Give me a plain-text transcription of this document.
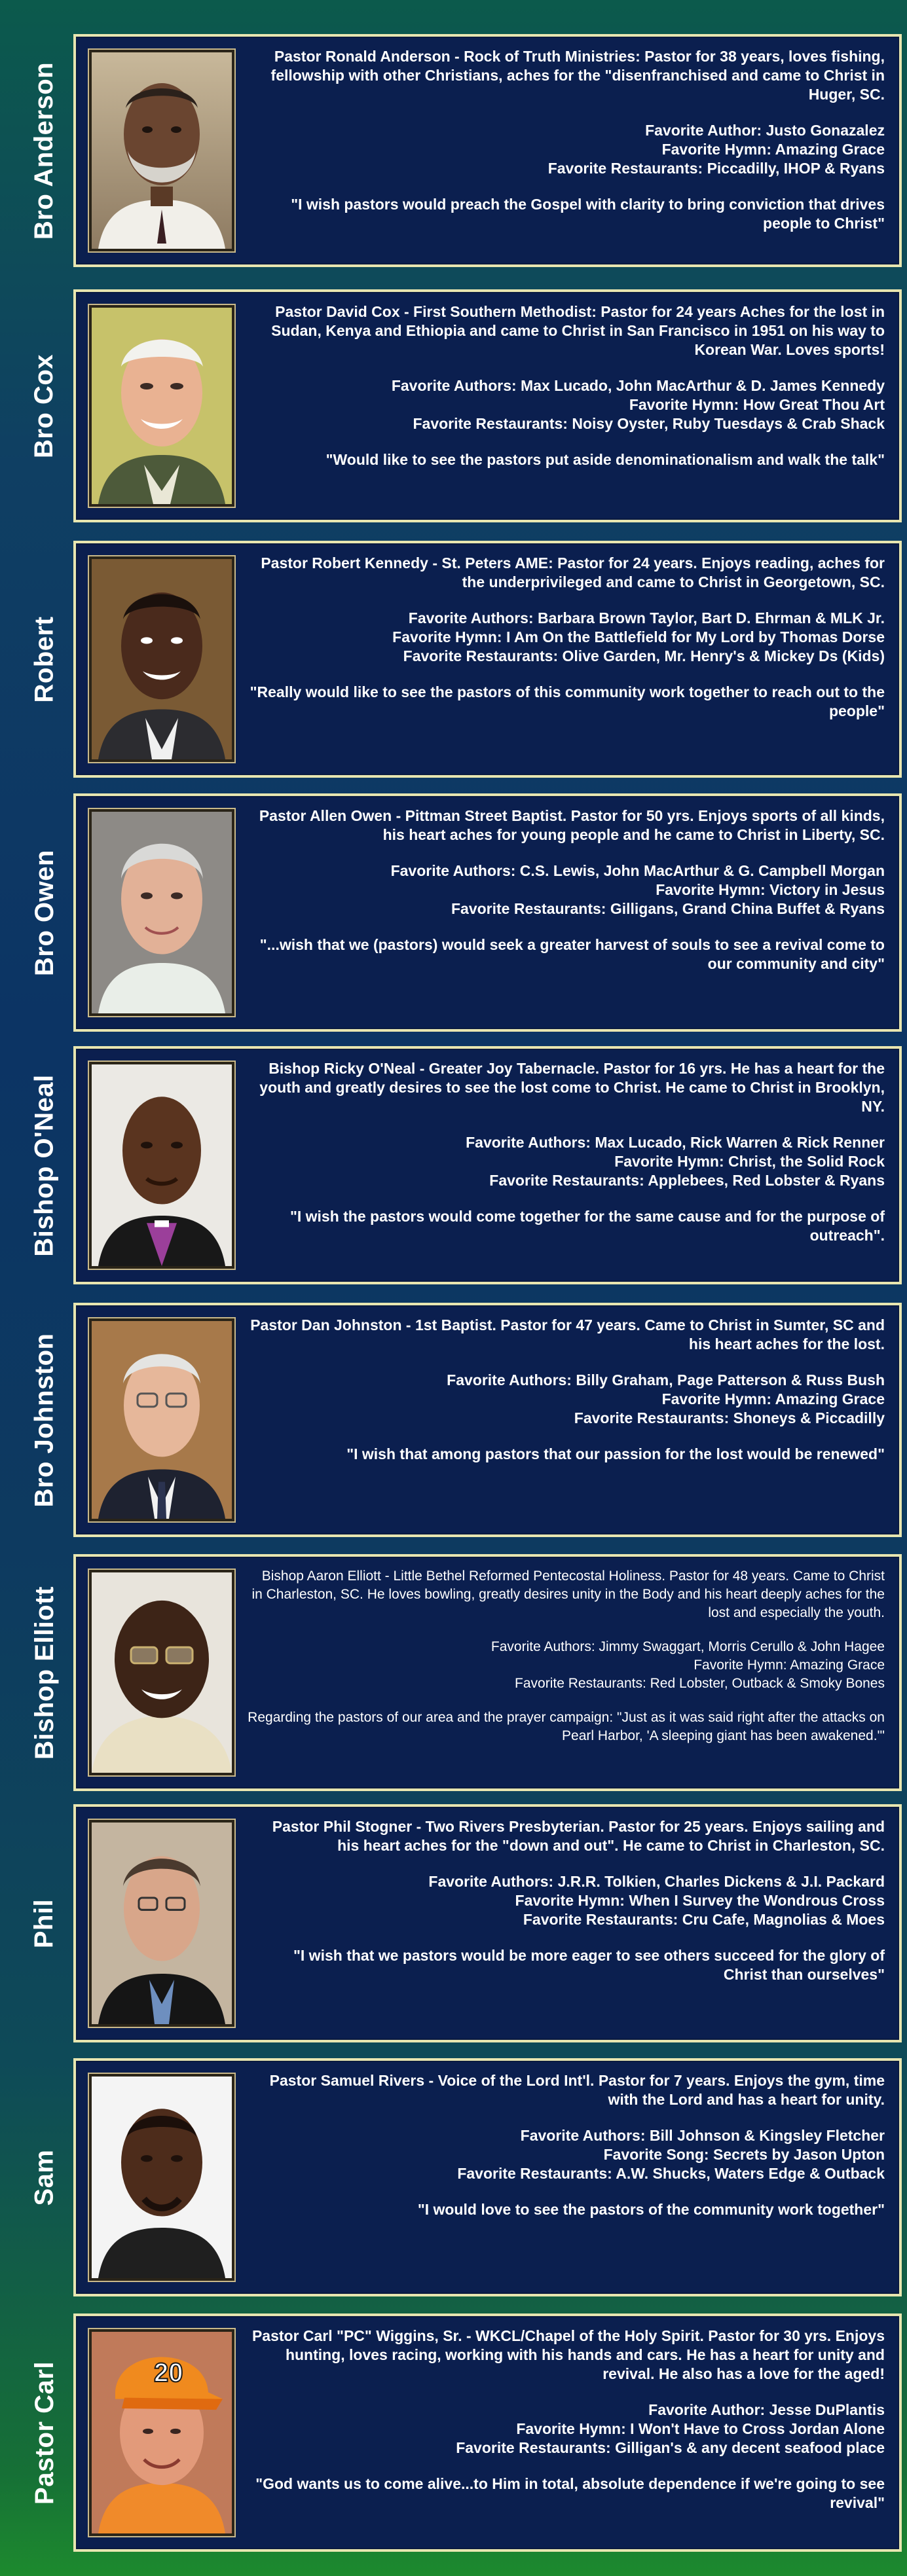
Bro Anderson

Pastor Ronald Anderson - Rock of Truth Ministries: Pastor for 38 years, loves fishing, fellowship with other Christians, aches for the "disenfranchised and came to Christ in Huger, SC.

Favorite Author: Justo Gonazalez
Favorite Hymn: Amazing Grace
Favorite Restaurants: Piccadilly, IHOP & Ryans

"I wish pastors would preach the Gospel with clarity to bring conviction that drives people to Christ"

Bro Cox

Pastor David Cox - First Southern Methodist: Pastor for 24 years Aches for the lost in Sudan, Kenya and Ethiopia and came to Christ in San Francisco in 1951 on his way to Korean War. Loves sports!

Favorite Authors: Max Lucado, John MacArthur & D. James Kennedy
Favorite Hymn: How Great Thou Art
Favorite Restaurants: Noisy Oyster, Ruby Tuesdays & Crab Shack

"Would like to see the pastors put aside denominationalism and walk the talk"

Robert

Pastor Robert Kennedy - St. Peters AME: Pastor for 24 years. Enjoys reading, aches for the underprivileged and came to Christ in Georgetown, SC.

Favorite Authors: Barbara Brown Taylor, Bart D. Ehrman & MLK Jr.
Favorite Hymn: I Am On the Battlefield for My Lord by Thomas Dorse
Favorite Restaurants: Olive Garden, Mr. Henry's & Mickey Ds (Kids)

"Really would like to see the pastors of this community work together to reach out to the people"

Bro Owen

Pastor Allen Owen - Pittman Street Baptist. Pastor for 50 yrs. Enjoys sports of all kinds, his heart aches for young people and he came to Christ in Liberty, SC.

Favorite Authors: C.S. Lewis, John MacArthur & G. Campbell Morgan
Favorite Hymn: Victory in Jesus
Favorite Restaurants: Gilligans, Grand China Buffet & Ryans

"...wish that we (pastors) would seek a greater harvest of souls to see a revival come to our community and city"

Bishop O'Neal

Bishop Ricky O'Neal - Greater Joy Tabernacle. Pastor for 16 yrs. He has a heart for the youth and greatly desires to see the lost come to Christ. He came to Christ in Brooklyn, NY.

Favorite Authors: Max Lucado, Rick Warren & Rick Renner
Favorite Hymn: Christ, the Solid Rock
Favorite Restaurants: Applebees, Red Lobster & Ryans

"I wish the pastors would come together for the same cause and for the purpose of outreach".

Bro Johnston

Pastor Dan Johnston - 1st Baptist. Pastor for 47 years. Came to Christ in Sumter, SC and his heart aches for the lost.

Favorite Authors: Billy Graham, Page Patterson & Russ Bush
Favorite Hymn: Amazing Grace
Favorite Restaurants: Shoneys & Piccadilly

"I wish that among pastors that our passion for the lost would be renewed"

Bishop Elliott

Bishop Aaron Elliott - Little Bethel Reformed Pentecostal Holiness. Pastor for 48 years. Came to Christ in Charleston, SC. He loves bowling, greatly desires unity in the Body and his heart deeply aches for the lost and especially the youth.

Favorite Authors: Jimmy Swaggart, Morris Cerullo & John Hagee
Favorite Hymn: Amazing Grace
Favorite Restaurants: Red Lobster, Outback & Smoky Bones

Regarding the pastors of our area and the prayer campaign: "Just as it was said right after the attacks on Pearl Harbor, 'A sleeping giant has been awakened.'"

Phil

Pastor Phil Stogner - Two Rivers Presbyterian. Pastor for 25 years. Enjoys sailing and his heart aches for the "down and out". He came to Christ in Charleston, SC.

Favorite Authors: J.R.R. Tolkien, Charles Dickens & J.I. Packard
Favorite Hymn: When I Survey the Wondrous Cross
Favorite Restaurants: Cru Cafe, Magnolias & Moes

"I wish that we pastors would be more eager to see others succeed for the glory of Christ than ourselves"

Sam

Pastor Samuel Rivers - Voice of the Lord Int'l. Pastor for 7 years. Enjoys the gym, time with the Lord and has a heart for unity.

Favorite Authors: Bill Johnson & Kingsley Fletcher
Favorite Song: Secrets by Jason Upton
Favorite Restaurants: A.W. Shucks, Waters Edge & Outback

"I would love to see the pastors of the community work together"

Pastor Carl	20

Pastor Carl "PC" Wiggins, Sr. - WKCL/Chapel of the Holy Spirit. Pastor for 30 yrs. Enjoys hunting, loves racing, working with his hands and cars. He has a heart for unity and revival. He also has a love for the aged!

Favorite Author: Jesse DuPlantis
Favorite Hymn: I Won't Have to Cross Jordan Alone
Favorite Restaurants: Gilligan's & any decent seafood place

"God wants us to come alive...to Him in total, absolute dependence if we're going to see revival"
